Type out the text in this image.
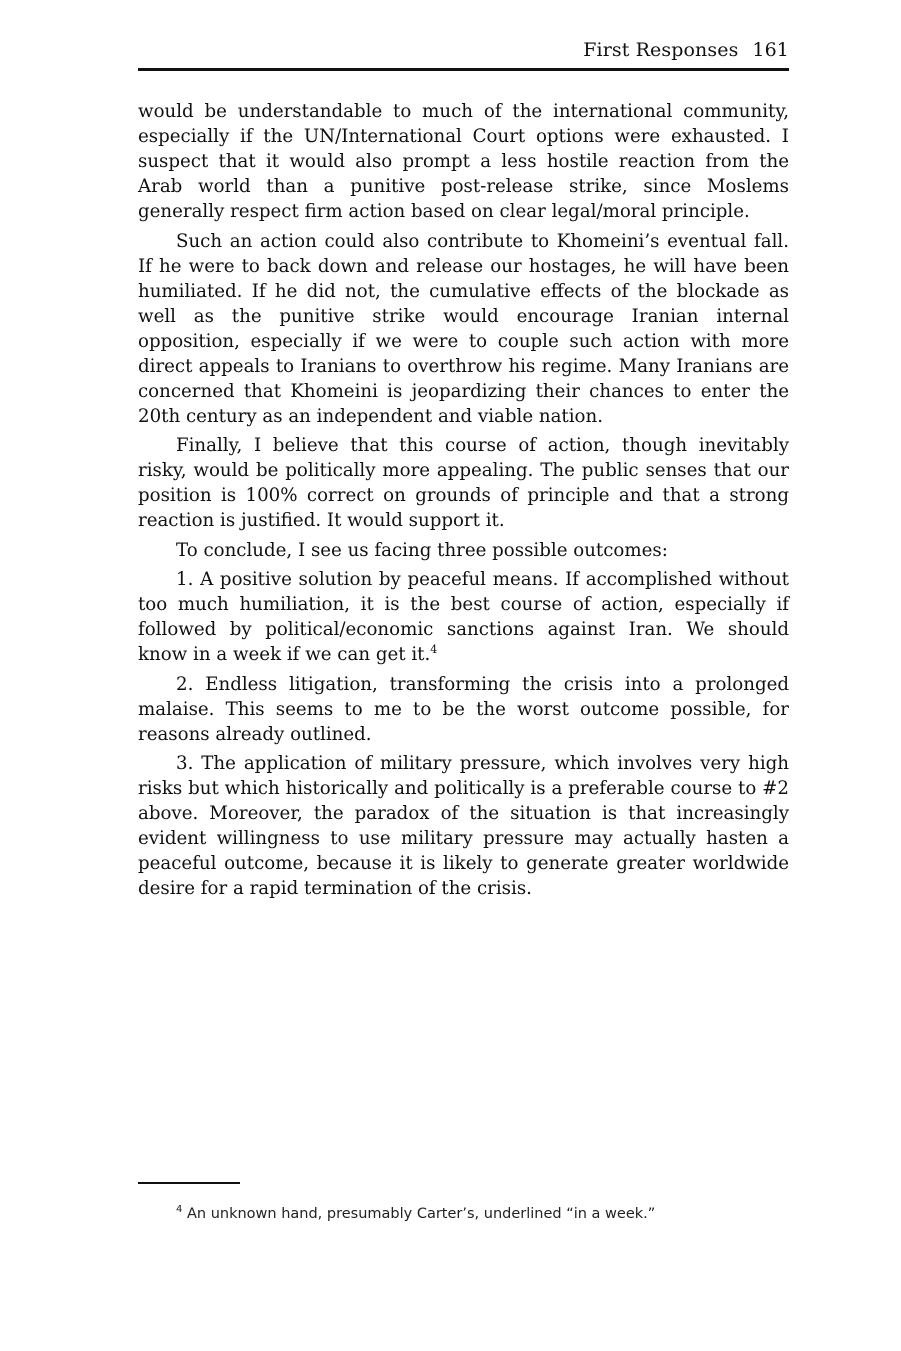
First Responses 161

would be understandable to much of the international community, especially if the UN/International Court options were exhausted. I suspect that it would also prompt a less hostile reaction from the Arab world than a punitive post-release strike, since Moslems generally respect firm action based on clear legal/moral principle.

Such an action could also contribute to Khomeini’s eventual fall. If he were to back down and release our hostages, he will have been humiliated. If he did not, the cumulative effects of the blockade as well as the punitive strike would encourage Iranian internal opposition, especially if we were to couple such action with more direct appeals to Iranians to overthrow his regime. Many Iranians are concerned that Khomeini is jeopardizing their chances to enter the 20th century as an independent and viable nation.

Finally, I believe that this course of action, though inevitably risky, would be politically more appealing. The public senses that our position is 100% correct on grounds of principle and that a strong reaction is justified. It would support it.

To conclude, I see us facing three possible outcomes:

1. A positive solution by peaceful means. If accomplished without too much humiliation, it is the best course of action, especially if followed by political/economic sanctions against Iran. We should know in a week if we can get it.$^4$

2. Endless litigation, transforming the crisis into a prolonged malaise. This seems to me to be the worst outcome possible, for reasons already outlined.

3. The application of military pressure, which involves very high risks but which historically and politically is a preferable course to #2 above. Moreover, the paradox of the situation is that increasingly evident willingness to use military pressure may actually hasten a peaceful outcome, because it is likely to generate greater worldwide desire for a rapid termination of the crisis.

$^4$ An unknown hand, presumably Carter’s, underlined “in a week.”
